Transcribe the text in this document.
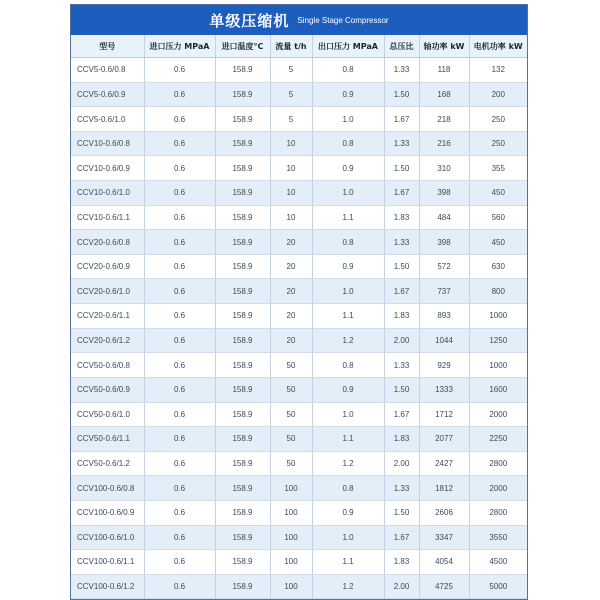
单级压缩机 Single Stage Compressor
型号	进口压力 MPaA	进口温度°C	流量 t/h	出口压力 MPaA	总压比	轴功率 kW	电机功率 kW
CCV5-0.6/0.8	0.6	158.9	5	0.8	1.33	118	132
CCV5-0.6/0.9	0.6	158.9	5	0.9	1.50	168	200
CCV5-0.6/1.0	0.6	158.9	5	1.0	1.67	218	250
CCV10-0.6/0.8	0.6	158.9	10	0.8	1.33	216	250
CCV10-0.6/0.9	0.6	158.9	10	0.9	1.50	310	355
CCV10-0.6/1.0	0.6	158.9	10	1.0	1.67	398	450
CCV10-0.6/1.1	0.6	158.9	10	1.1	1.83	484	560
CCV20-0.6/0.8	0.6	158.9	20	0.8	1.33	398	450
CCV20-0.6/0.9	0.6	158.9	20	0.9	1.50	572	630
CCV20-0.6/1.0	0.6	158.9	20	1.0	1.67	737	800
CCV20-0.6/1.1	0.6	158.9	20	1.1	1.83	893	1000
CCV20-0.6/1.2	0.6	158.9	20	1.2	2.00	1044	1250
CCV50-0.6/0.8	0.6	158.9	50	0.8	1.33	929	1000
CCV50-0.6/0.9	0.6	158.9	50	0.9	1.50	1333	1600
CCV50-0.6/1.0	0.6	158.9	50	1.0	1.67	1712	2000
CCV50-0.6/1.1	0.6	158.9	50	1.1	1.83	2077	2250
CCV50-0.6/1.2	0.6	158.9	50	1.2	2.00	2427	2800
CCV100-0.6/0.8	0.6	158.9	100	0.8	1.33	1812	2000
CCV100-0.6/0.9	0.6	158.9	100	0.9	1.50	2606	2800
CCV100-0.6/1.0	0.6	158.9	100	1.0	1.67	3347	3550
CCV100-0.6/1.1	0.6	158.9	100	1.1	1.83	4054	4500
CCV100-0.6/1.2	0.6	158.9	100	1.2	2.00	4725	5000
